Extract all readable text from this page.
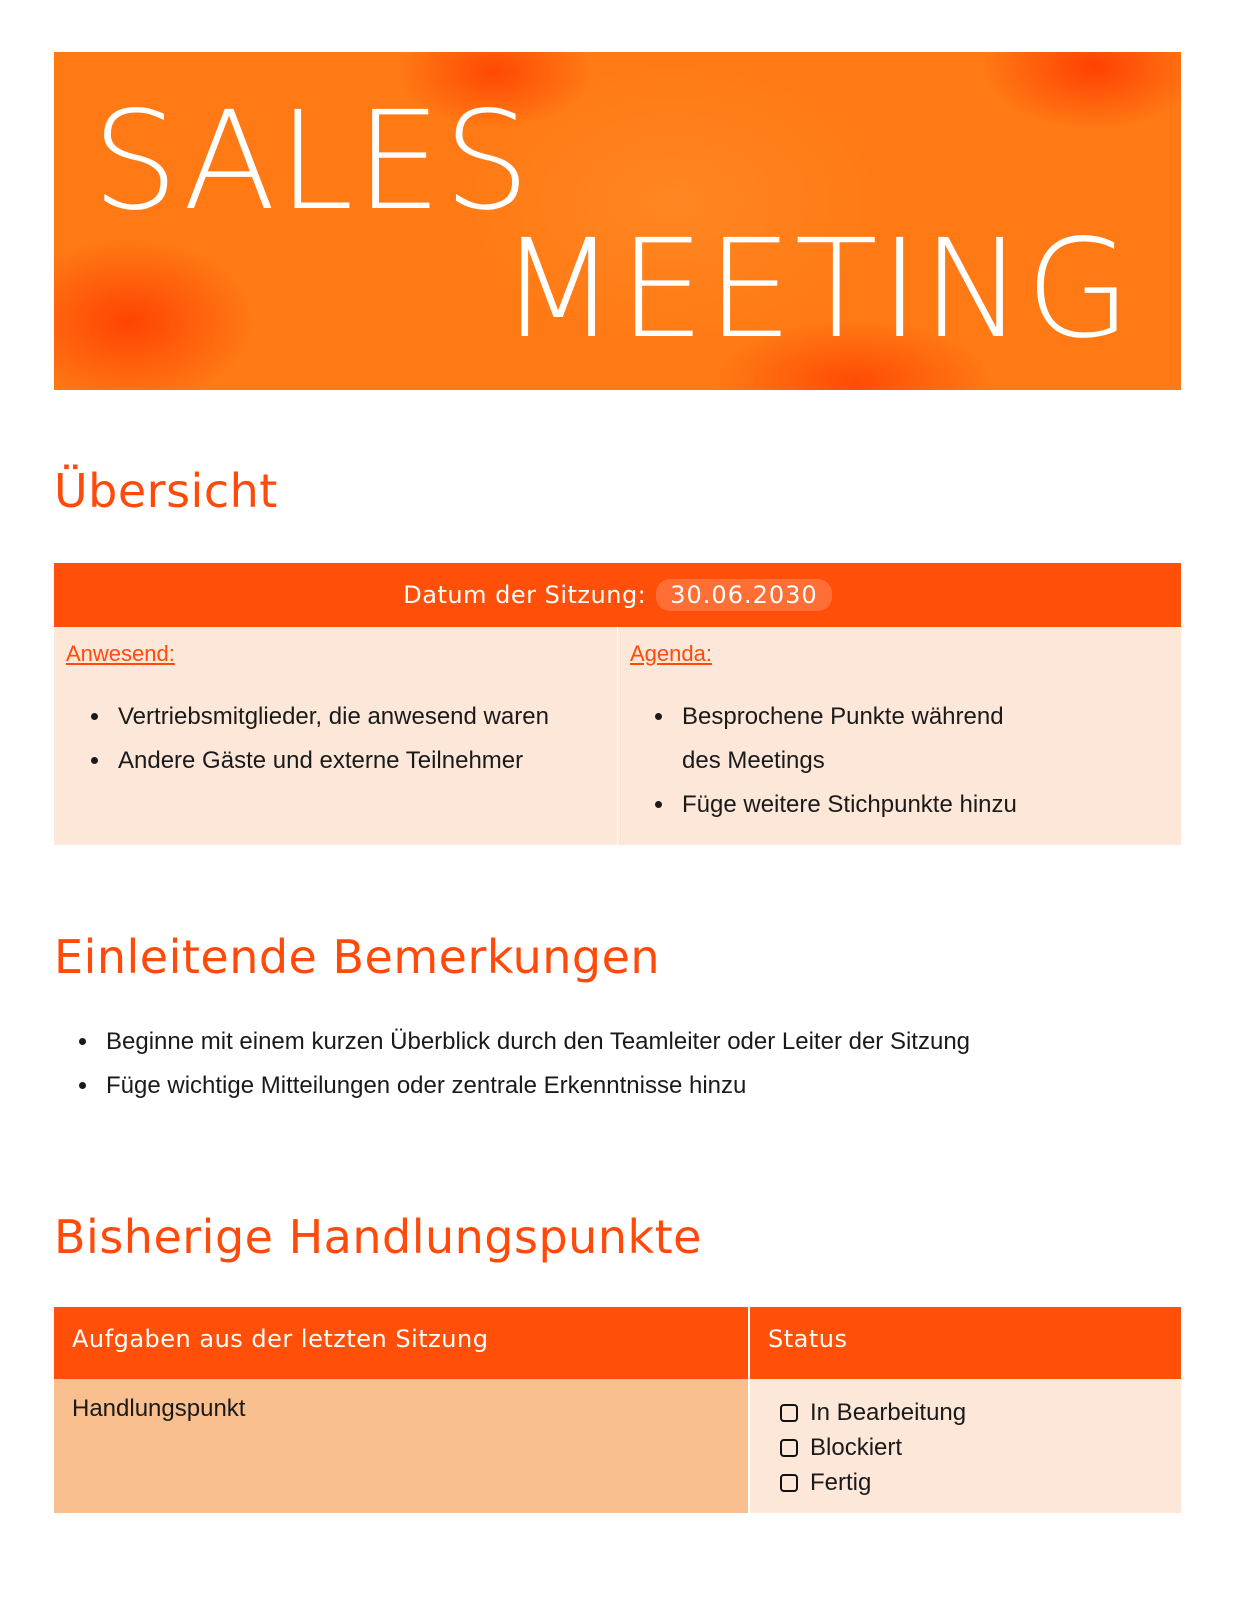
SALES
MEETING
Übersicht
Datum der Sitzung:	30.06.2030
Anwesend:
• Vertriebsmitglieder, die anwesend waren
• Andere Gäste und externe Teilnehmer
Agenda:
• Besprochene Punkte während des Meetings
• Füge weitere Stichpunkte hinzu
Einleitende Bemerkungen
• Beginne mit einem kurzen Überblick durch den Teamleiter oder Leiter der Sitzung
• Füge wichtige Mitteilungen oder zentrale Erkenntnisse hinzu
Bisherige Handlungspunkte
Aufgaben aus der letzten Sitzung	Status
Handlungspunkt	In Bearbeitung
Blockiert
Fertig
